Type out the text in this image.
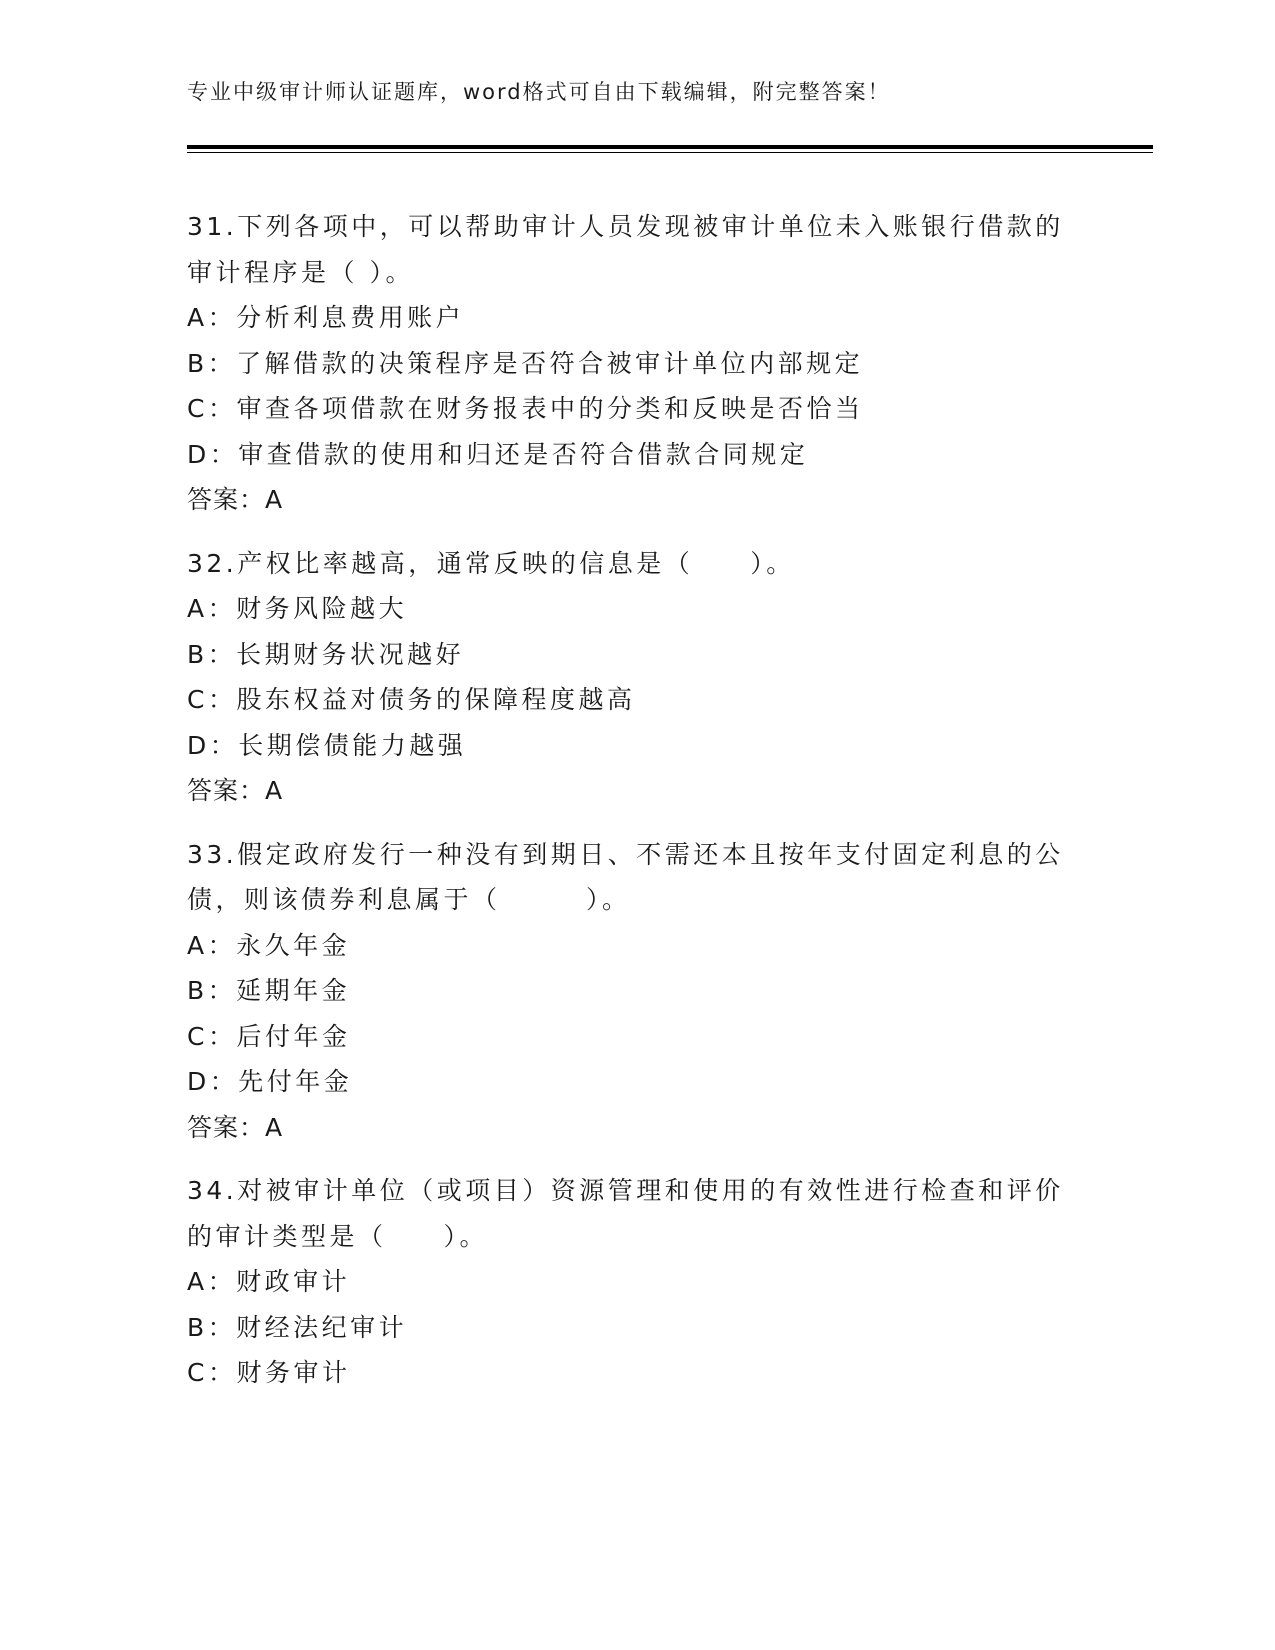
专业中级审计师认证题库，word格式可自由下载编辑，附完整答案！
31.下列各项中，可以帮助审计人员发现被审计单位未入账银行借款的
审计程序是（ ）。
A：分析利息费用账户
B：了解借款的决策程序是否符合被审计单位内部规定
C：审查各项借款在财务报表中的分类和反映是否恰当
D：审查借款的使用和归还是否符合借款合同规定
答案：A
32.产权比率越高，通常反映的信息是（　　）。
A：财务风险越大
B：长期财务状况越好
C：股东权益对债务的保障程度越高
D：长期偿债能力越强
答案：A
33.假定政府发行一种没有到期日、不需还本且按年支付固定利息的公
债，则该债券利息属于（　　　）。
A：永久年金
B：延期年金
C：后付年金
D：先付年金
答案：A
34.对被审计单位（或项目）资源管理和使用的有效性进行检查和评价
的审计类型是（　　）。
A：财政审计
B：财经法纪审计
C：财务审计
